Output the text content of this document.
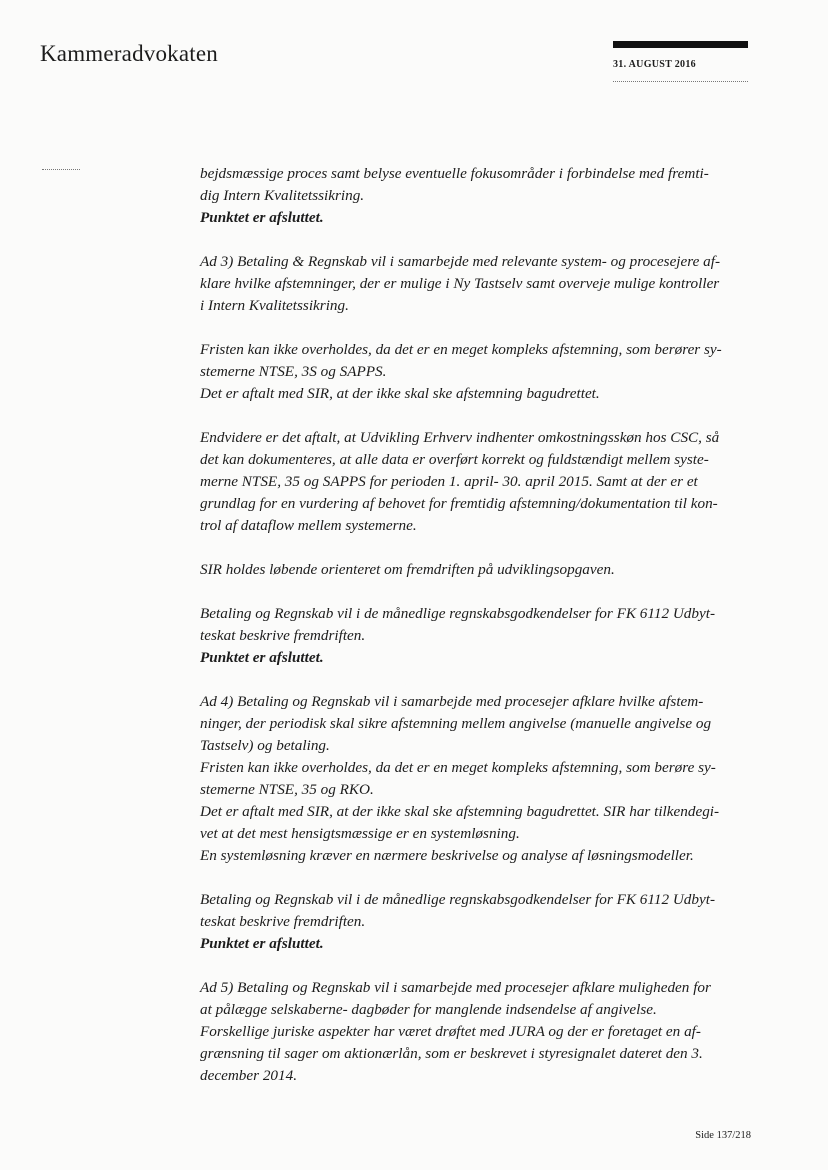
Kammeradvokaten	31. AUGUST 2016

bejdsmæssige proces samt belyse eventuelle fokusområder i forbindelse med fremti-
dig Intern Kvalitetssikring.
Punktet er afsluttet.

Ad 3) Betaling & Regnskab vil i samarbejde med relevante system- og procesejere af-
klare hvilke afstemninger, der er mulige i Ny Tastselv samt overveje mulige kontroller
i Intern Kvalitetssikring.

Fristen kan ikke overholdes, da det er en meget kompleks afstemning, som berører sy-
stemerne NTSE, 3S og SAPPS.
Det er aftalt med SIR, at der ikke skal ske afstemning bagudrettet.

Endvidere er det aftalt, at Udvikling Erhverv indhenter omkostningsskøn hos CSC, så
det kan dokumenteres, at alle data er overført korrekt og fuldstændigt mellem syste-
merne NTSE, 35 og SAPPS for perioden 1. april- 30. april 2015. Samt at der er et
grundlag for en vurdering af behovet for fremtidig afstemning/dokumentation til kon-
trol af dataflow mellem systemerne.

SIR holdes løbende orienteret om fremdriften på udviklingsopgaven.

Betaling og Regnskab vil i de månedlige regnskabsgodkendelser for FK 6112 Udbyt-
teskat beskrive fremdriften.
Punktet er afsluttet.

Ad 4) Betaling og Regnskab vil i samarbejde med procesejer afklare hvilke afstem-
ninger, der periodisk skal sikre afstemning mellem angivelse (manuelle angivelse og
Tastselv) og betaling.
Fristen kan ikke overholdes, da det er en meget kompleks afstemning, som berøre sy-
stemerne NTSE, 35 og RKO.
Det er aftalt med SIR, at der ikke skal ske afstemning bagudrettet. SIR har tilkendegi-
vet at det mest hensigtsmæssige er en systemløsning.
En systemløsning kræver en nærmere beskrivelse og analyse af løsningsmodeller.

Betaling og Regnskab vil i de månedlige regnskabsgodkendelser for FK 6112 Udbyt-
teskat beskrive fremdriften.
Punktet er afsluttet.

Ad 5) Betaling og Regnskab vil i samarbejde med procesejer afklare muligheden for
at pålægge selskaberne- dagbøder for manglende indsendelse af angivelse.
Forskellige juriske aspekter har været drøftet med JURA og der er foretaget en af-
grænsning til sager om aktionærlån, som er beskrevet i styresignalet dateret den 3.
december 2014.

Side 137/218
